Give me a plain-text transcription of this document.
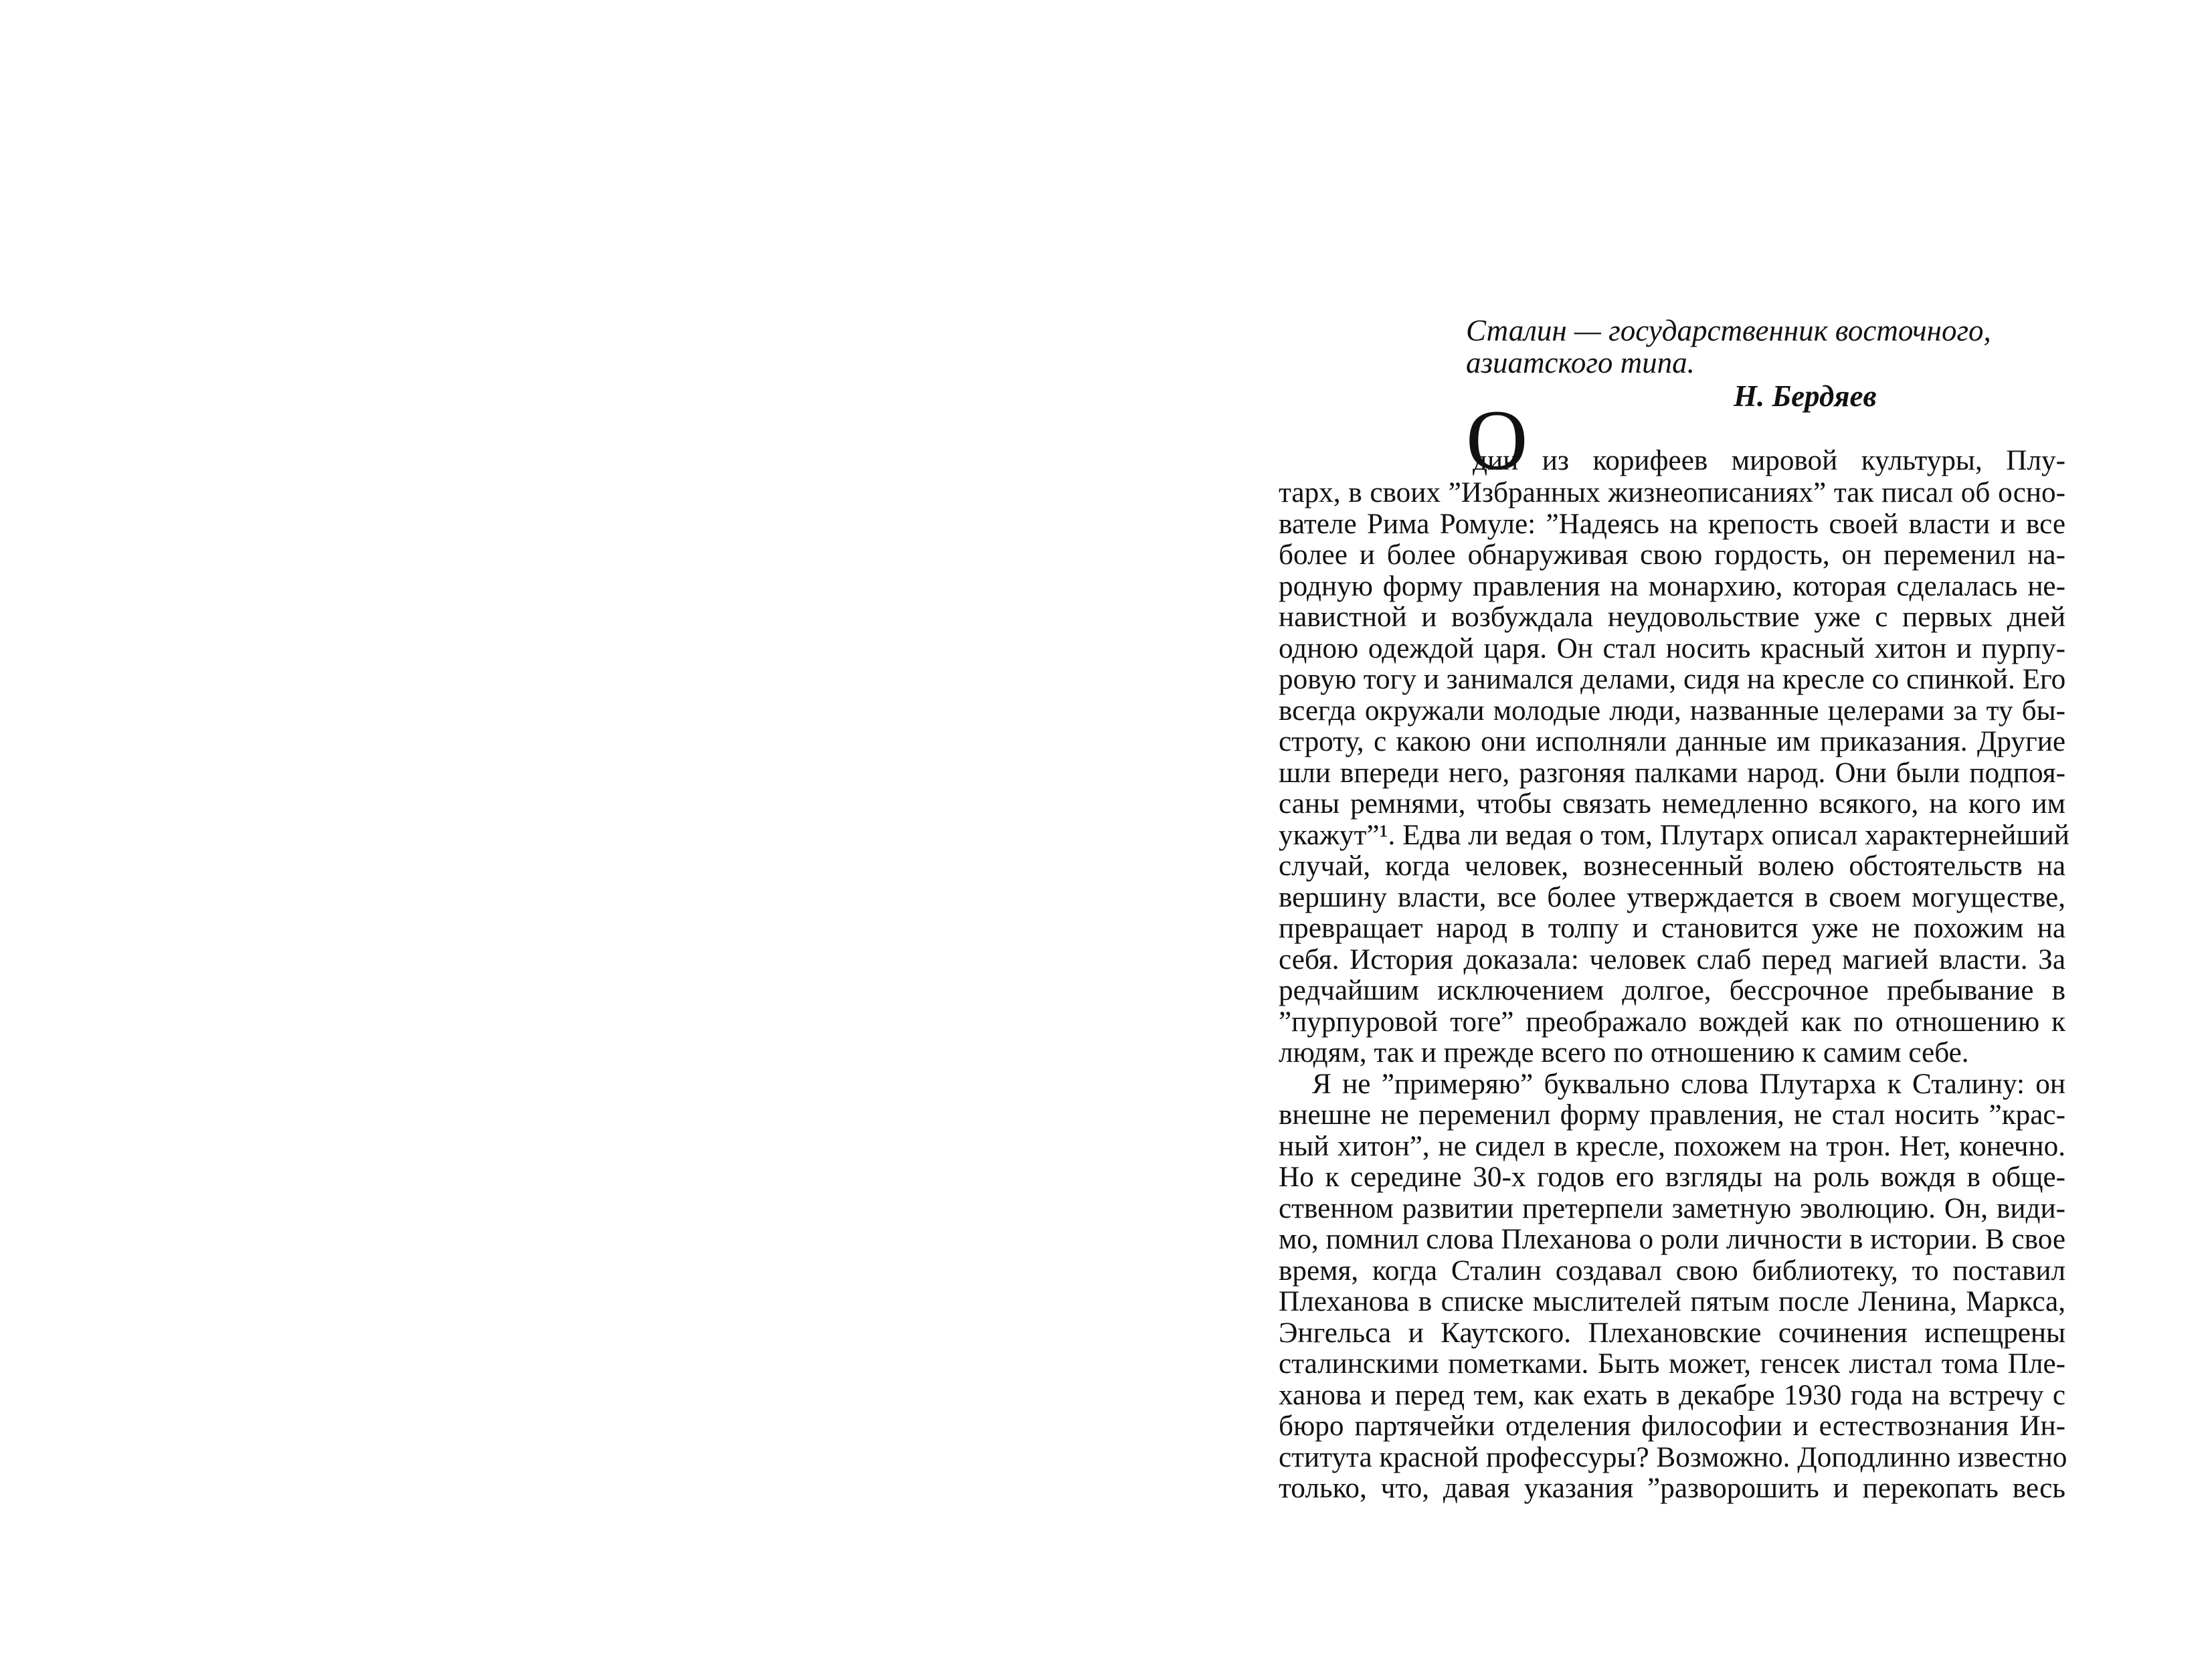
Сталин — государственник восточного,
азиатского типа.
Н. Бердяев
О
дин из корифеев мировой культуры, Плу-
тарх, в своих ”Избранных жизнеописаниях” так писал об осно-
вателе Рима Ромуле: ”Надеясь на крепость своей власти и все
более и более обнаруживая свою гордость, он переменил на-
родную форму правления на монархию, которая сделалась не-
навистной и возбуждала неудовольствие уже с первых дней
одною одеждой царя. Он стал носить красный хитон и пурпу-
ровую тогу и занимался делами, сидя на кресле со спинкой. Его
всегда окружали молодые люди, названные целерами за ту бы-
строту, с какою они исполняли данные им приказания. Другие
шли впереди него, разгоняя палками народ. Они были подпоя-
саны ремнями, чтобы связать немедленно всякого, на кого им
укажут”¹. Едва ли ведая о том, Плутарх описал характернейший
случай, когда человек, вознесенный волею обстоятельств на
вершину власти, все более утверждается в своем могуществе,
превращает народ в толпу и становится уже не похожим на
себя. История доказала: человек слаб перед магией власти. За
редчайшим исключением долгое, бессрочное пребывание в
”пурпуровой тоге” преображало вождей как по отношению к
людям, так и прежде всего по отношению к самим себе.
Я не ”примеряю” буквально слова Плутарха к Сталину: он
внешне не переменил форму правления, не стал носить ”крас-
ный хитон”, не сидел в кресле, похожем на трон. Нет, конечно.
Но к середине 30-х годов его взгляды на роль вождя в обще-
ственном развитии претерпели заметную эволюцию. Он, види-
мо, помнил слова Плеханова о роли личности в истории. В свое
время, когда Сталин создавал свою библиотеку, то поставил
Плеханова в списке мыслителей пятым после Ленина, Маркса,
Энгельса и Каутского. Плехановские сочинения испещрены
сталинскими пометками. Быть может, генсек листал тома Пле-
ханова и перед тем, как ехать в декабре 1930 года на встречу с
бюро партячейки отделения философии и естествознания Ин-
ститута красной профессуры? Возможно. Доподлинно известно
только, что, давая указания ”разворошить и перекопать весь
